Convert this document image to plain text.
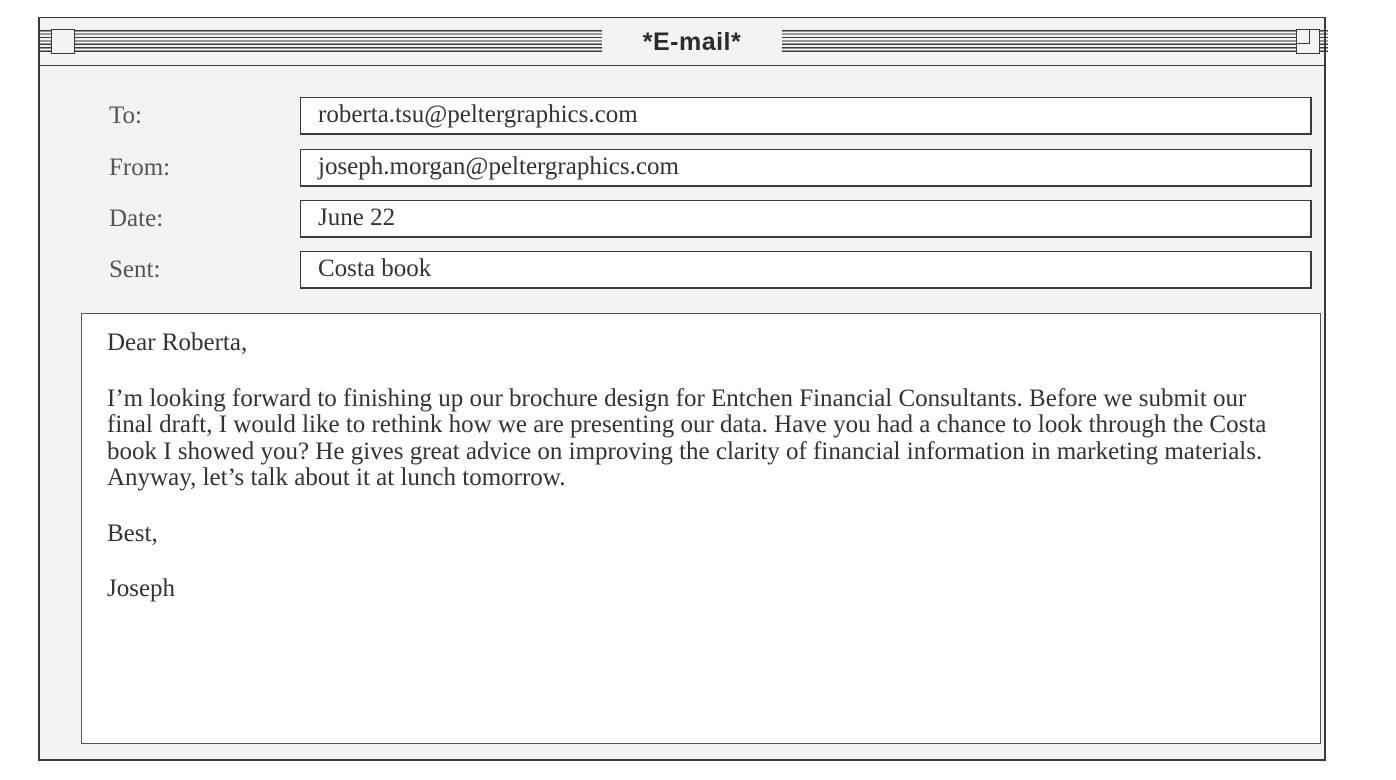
*E-mail*
To:	roberta.tsu@peltergraphics.com
From:	joseph.morgan@peltergraphics.com
Date:	June 22
Sent:	Costa book

Dear Roberta,

I’m looking forward to finishing up our brochure design for Entchen Financial Consultants. Before we submit our final draft, I would like to rethink how we are presenting our data. Have you had a chance to look through the Costa book I showed you? He gives great advice on improving the clarity of financial information in marketing materials. Anyway, let’s talk about it at lunch tomorrow.

Best,

Joseph
